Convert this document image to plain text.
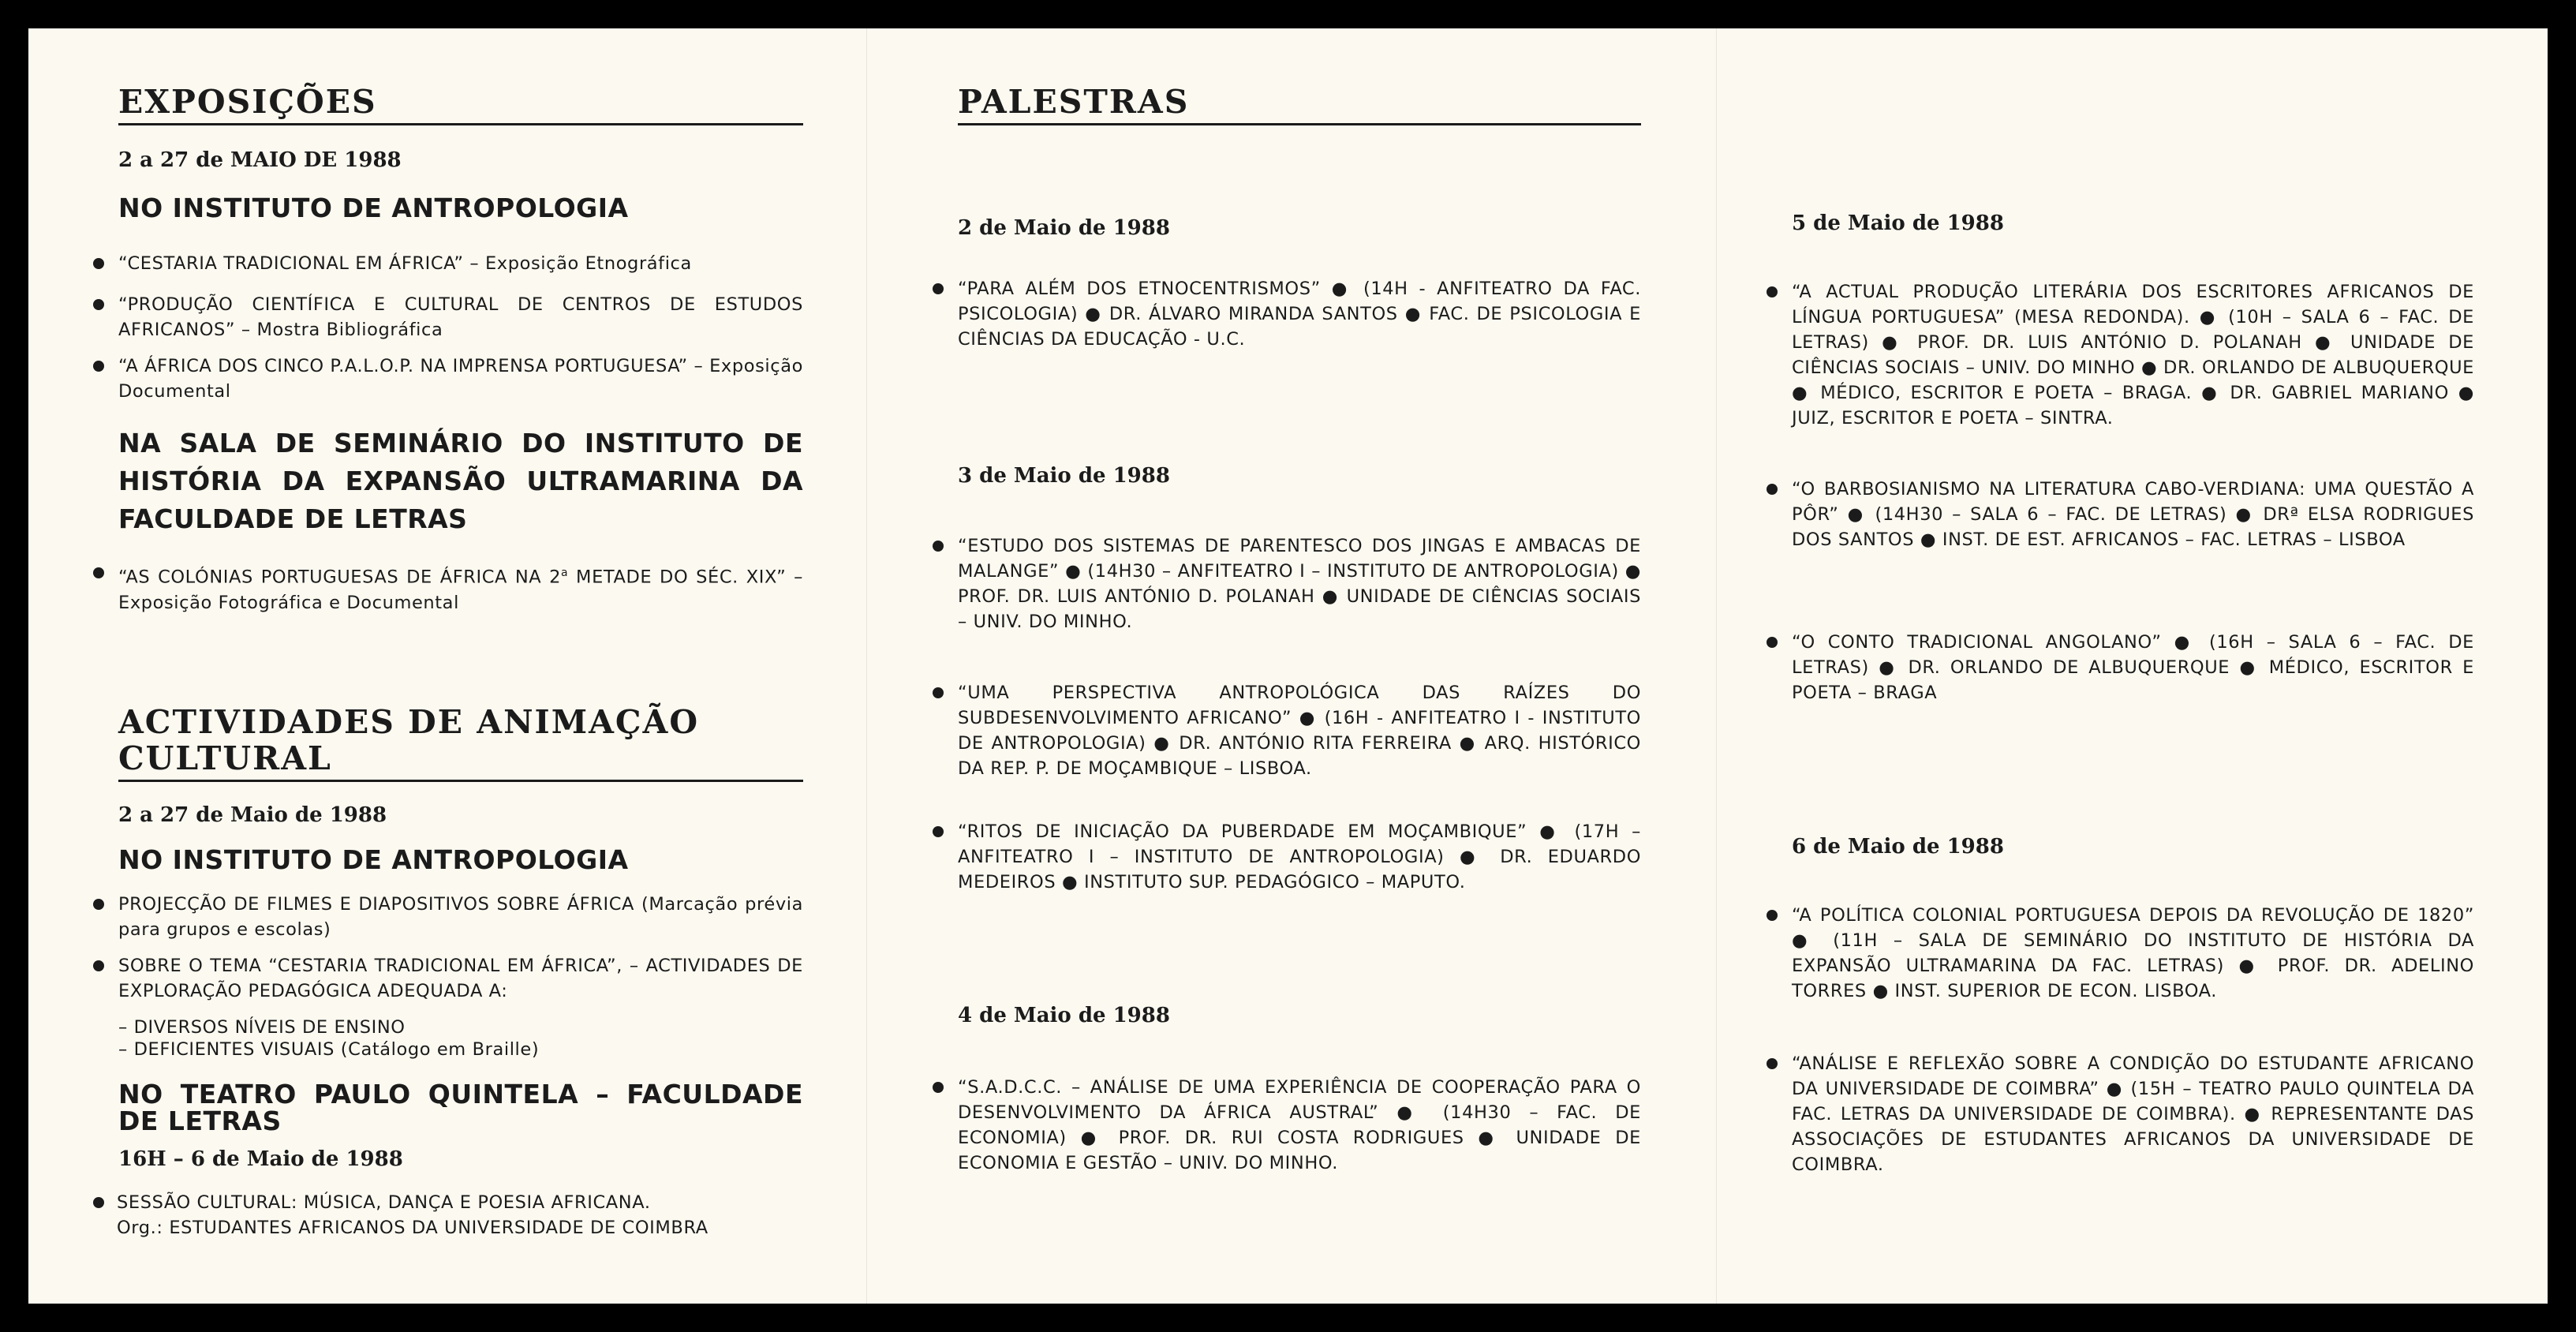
EXPOSIÇÕES
2 a 27 de MAIO DE 1988
NO INSTITUTO DE ANTROPOLOGIA
“CESTARIA TRADICIONAL EM ÁFRICA” – Exposição Etnográfica
“PRODUÇÃO CIENTÍFICA E CULTURAL DE CENTROS DE ESTUDOS AFRICANOS” – Mostra Bibliográfica
“A ÁFRICA DOS CINCO P.A.L.O.P. NA IMPRENSA PORTUGUESA” – Exposição Documental
NA SALA DE SEMINÁRIO DO INSTITUTO DE HISTÓRIA DA EXPANSÃO ULTRAMARINA DA FACULDADE DE LETRAS
“AS COLÓNIAS PORTUGUESAS DE ÁFRICA NA 2$^a$ METADE DO SÉC. XIX” – Exposição Fotográfica e Documental
ACTIVIDADES DE ANIMAÇÃO CULTURAL
2 a 27 de Maio de 1988
NO INSTITUTO DE ANTROPOLOGIA
PROJECÇÃO DE FILMES E DIAPOSITIVOS SOBRE ÁFRICA (Marcação prévia para grupos e escolas)
SOBRE O TEMA “CESTARIA TRADICIONAL EM ÁFRICA”, – ACTIVIDADES DE EXPLORAÇÃO PEDAGÓGICA ADEQUADA A:
– DIVERSOS NÍVEIS DE ENSINO
– DEFICIENTES VISUAIS (Catálogo em Braille)
NO TEATRO PAULO QUINTELA – FACULDADE DE LETRAS
16H – 6 de Maio de 1988
SESSÃO CULTURAL: MÚSICA, DANÇA E POESIA AFRICANA.
Org.: ESTUDANTES AFRICANOS DA UNIVERSIDADE DE COIMBRA
PALESTRAS
2 de Maio de 1988
“PARA ALÉM DOS ETNOCENTRISMOS” ● (14H - ANFITEATRO DA FAC. PSICOLOGIA) ● DR. ÁLVARO MIRANDA SANTOS ● FAC. DE PSICOLOGIA E CIÊNCIAS DA EDUCAÇÃO - U.C.
3 de Maio de 1988
“ESTUDO DOS SISTEMAS DE PARENTESCO DOS JINGAS E AMBACAS DE MALANGE” ● (14H30 – ANFITEATRO I – INSTITUTO DE ANTROPOLOGIA) ● PROF. DR. LUIS ANTÓNIO D. POLANAH ● UNIDADE DE CIÊNCIAS SOCIAIS – UNIV. DO MINHO.
“UMA PERSPECTIVA ANTROPOLÓGICA DAS RAÍZES DO SUBDESENVOLVIMENTO AFRICANO” ● (16H - ANFITEATRO I - INSTITUTO DE ANTROPOLOGIA) ● DR. ANTÓNIO RITA FERREIRA ● ARQ. HISTÓRICO DA REP. P. DE MOÇAMBIQUE – LISBOA.
“RITOS DE INICIAÇÃO DA PUBERDADE EM MOÇAMBIQUE” ● (17H – ANFITEATRO I – INSTITUTO DE ANTROPOLOGIA) ● DR. EDUARDO MEDEIROS ● INSTITUTO SUP. PEDAGÓGICO – MAPUTO.
4 de Maio de 1988
“S.A.D.C.C. – ANÁLISE DE UMA EXPERIÊNCIA DE COOPERAÇÃO PARA O DESENVOLVIMENTO DA ÁFRICA AUSTRAL” ● (14H30 – FAC. DE ECONOMIA) ● PROF. DR. RUI COSTA RODRIGUES ● UNIDADE DE ECONOMIA E GESTÃO – UNIV. DO MINHO.
5 de Maio de 1988
“A ACTUAL PRODUÇÃO LITERÁRIA DOS ESCRITORES AFRICANOS DE LÍNGUA PORTUGUESA” (MESA REDONDA). ● (10H – SALA 6 – FAC. DE LETRAS) ● PROF. DR. LUIS ANTÓNIO D. POLANAH ● UNIDADE DE CIÊNCIAS SOCIAIS – UNIV. DO MINHO ● DR. ORLANDO DE ALBUQUERQUE ● MÉDICO, ESCRITOR E POETA – BRAGA. ● DR. GABRIEL MARIANO ● JUIZ, ESCRITOR E POETA – SINTRA.
“O BARBOSIANISMO NA LITERATURA CABO-VERDIANA: UMA QUESTÃO A PÔR” ● (14H30 – SALA 6 – FAC. DE LETRAS) ● DRª ELSA RODRIGUES DOS SANTOS ● INST. DE EST. AFRICANOS – FAC. LETRAS – LISBOA
“O CONTO TRADICIONAL ANGOLANO” ● (16H – SALA 6 – FAC. DE LETRAS) ● DR. ORLANDO DE ALBUQUERQUE ● MÉDICO, ESCRITOR E POETA – BRAGA
6 de Maio de 1988
“A POLÍTICA COLONIAL PORTUGUESA DEPOIS DA REVOLUÇÃO DE 1820” ● (11H – SALA DE SEMINÁRIO DO INSTITUTO DE HISTÓRIA DA EXPANSÃO ULTRAMARINA DA FAC. LETRAS) ● PROF. DR. ADELINO TORRES ● INST. SUPERIOR DE ECON. LISBOA.
“ANÁLISE E REFLEXÃO SOBRE A CONDIÇÃO DO ESTUDANTE AFRICANO DA UNIVERSIDADE DE COIMBRA” ● (15H – TEATRO PAULO QUINTELA DA FAC. LETRAS DA UNIVERSIDADE DE COIMBRA). ● REPRESENTANTE DAS ASSOCIAÇÕES DE ESTUDANTES AFRICANOS DA UNIVERSIDADE DE COIMBRA.
